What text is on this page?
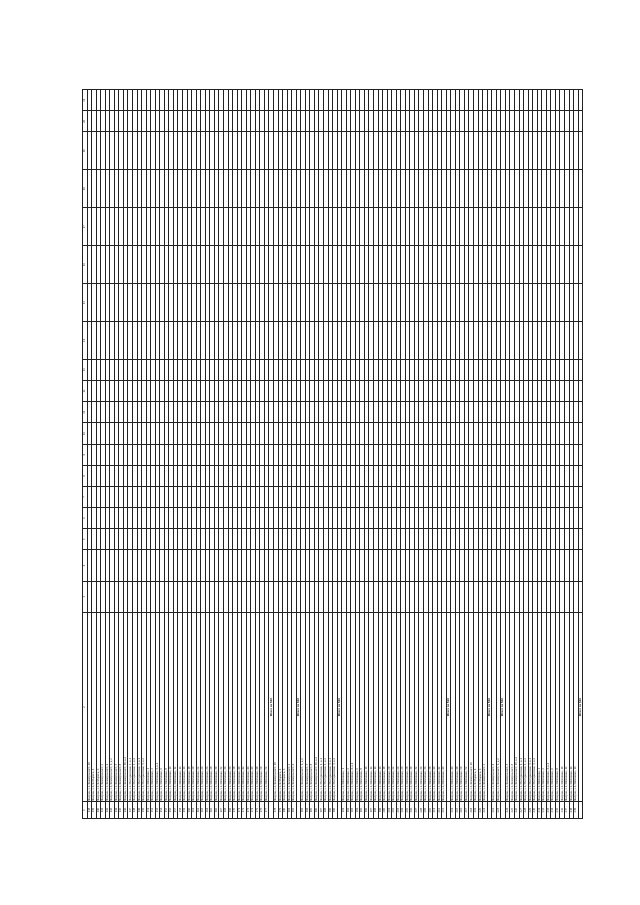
1	2	3	4	5	6	7	8	9	10	11	12	13	14	15	16	17	18	19	20	21
138	Якорна, з.1, Коммуналист, 19																			
139	Якорна, з.1, К.Маркса, 4																			
140	Якорна, з.1, К.Маркса, 6																			
141	Якорна, з.1, Коммуналист, 2																			
142	Якорна, з.1, Коммуналист, 4																			
143	Якорна, з.1, Коммуналист, 1, д.2																			
144	Якорна, з.1, Коммуналист, 3																			
145	Якорна, з.1, Коммуналист, 8																			
146	Якорна, з.1, Коммуналист, 10, к.2																			
147	Якорна, з.1, Мичуринская, 1, к.1																			
148	Якорна, з.1, Мичуринская, 1, к.2																			
149	Якорна, з.1, Мичуринская, 3, к.1																			
150	Якорна, з.1, Мичуринская, 3, к.2																			
151	Якорна, з.1, Шевченко, 1																			
152	Якорна, з.1, Шевченко, 2																			
153	Якорна, з.1, Шевченко, 4, к.1																			
154	Якорна, з.1, Шевченко, 6																			
155	Якорна, з.1, Шевченко, 8																			
156	Якорна, з.1, Шевченко, 10																			
157	Якорна, з.1, Шевченко, 12																			
158	Якорна, з.1, Шевченко, 14																			
159	Якорна, з.1, Шевченко, 16																			
160	Якорна, з.1, Шевченко, 18																			
161	Якорна, з.1, Шевченко, 20																			
162	Якорна, з.1, Шевченко, 22																			
163	Якорна, з.1, Шевченко, 24																			
164	Якорна, з.1, Шевченко, 26																			
165	Якорна, з.1, Шевченко, 28																			
166	Якорна, з.1, Шевченко, 30																			
167	Якорна, з.1, Шевченко, 32																			
168	Якорна, з.1, Шевченко, 34																			
169	Якорна, з.1, Шевченко, 36																			
170	Якорна, з.1, Шевченко, 38																			
171	Якорна, з.1, Шевченко, 40																			
172	Якорна, з.1, Шевченко, 42																			
173	Якорна, з.1, Шевченко, 44																			
174	Якорна, з.1, Шевченко, 46																			
175	Якорна, з.1, Шевченко, 48																			
176	Якорна, з.1, Шевченко, 50																			
177	Якорна, з.1, Шевченко, 52																			
	Итого по МО																			
178	Якорна, з.1, Коммуналист, 19																			
179	Якорна, з.1, К.Маркса, 4																			
180	Якорна, з.1, К.Маркса, 6																			
181	Якорна, з.1, Коммуналист, 2																			
182	Якорна, з.1, Коммуналист, 4																			
	Итого по МО																			
183	Якорна, з.1, Коммуналист, 1, д.2																			
184	Якорна, з.1, Коммуналист, 3																			
185	Якорна, з.1, Коммуналист, 8																			
186	Якорна, з.1, Коммуналист, 10, к.2																			
187	Якорна, з.1, Мичуринская, 1, к.1																			
188	Якорна, з.1, Мичуринская, 1, к.2																			
189	Якорна, з.1, Мичуринская, 3, к.1																			
190	Якорна, з.1, Мичуринская, 3, к.2																			
	Итого по МО																			
191	Якорна, з.1, Шевченко, 1																			
192	Якорна, з.1, Шевченко, 2																			
193	Якорна, з.1, Шевченко, 4, к.1																			
194	Якорна, з.1, Шевченко, 6																			
195	Якорна, з.1, Шевченко, 8																			
196	Якорна, з.1, Шевченко, 10																			
197	Якорна, з.1, Шевченко, 12																			
198	Якорна, з.1, Шевченко, 14																			
199	Якорна, з.1, Шевченко, 16																			
200	Якорна, з.1, Шевченко, 18																			
201	Якорна, з.1, Шевченко, 20																			
202	Якорна, з.1, Шевченко, 22																			
203	Якорна, з.1, Шевченко, 24																			
204	Якорна, з.1, Шевченко, 26																			
205	Якорна, з.1, Шевченко, 28																			
206	Якорна, з.1, Шевченко, 30																			
207	Якорна, з.1, Шевченко, 32																			
208	Якорна, з.1, Шевченко, 34																			
209	Якорна, з.1, Шевченко, 36																			
210	Якорна, з.1, Шевченко, 38																			
211	Якорна, з.1, Шевченко, 40																			
212	Якорна, з.1, Шевченко, 42																			
213	Якорна, з.1, Шевченко, 44																			
	Итого по МО																			
214	Якорна, з.1, Шевченко, 46																			
215	Якорна, з.1, Шевченко, 48																			
216	Якорна, з.1, Шевченко, 50																			
217	Якорна, з.1, Шевченко, 52																			
218	Якорна, з.1, Коммуналист, 19																			
219	Якорна, з.1, К.Маркса, 4																			
220	Якорна, з.1, К.Маркса, 6																			
221	Якорна, з.1, Коммуналист, 2																			
	Итого по МО																			
222	Якорна, з.1, Коммуналист, 4																			
223	Якорна, з.1, Коммуналист, 1, д.2																			
	Итого по МО																			
224	Якорна, з.1, Коммуналист, 3																			
225	Якорна, з.1, Коммуналист, 8																			
226	Якорна, з.1, Коммуналист, 10, к.2																			
227	Якорна, з.1, Мичуринская, 1, к.1																			
228	Якорна, з.1, Мичуринская, 1, к.2																			
229	Якорна, з.1, Мичуринская, 3, к.1																			
230	Якорна, з.1, Мичуринская, 3, к.2																			
231	Якорна, з.1, Шевченко, 1																			
232	Якорна, з.1, Шевченко, 2																			
233	Якорна, з.1, Шевченко, 4, к.1																			
234	Якорна, з.1, Шевченко, 6																			
235	Якорна, з.1, Шевченко, 8																			
236	Якорна, з.1, Шевченко, 10																			
237	Якорна, з.1, Шевченко, 12																			
238	Якорна, з.1, Шевченко, 14																			
239	Якорна, з.1, Шевченко, 16																			
	Итого по МО																			
